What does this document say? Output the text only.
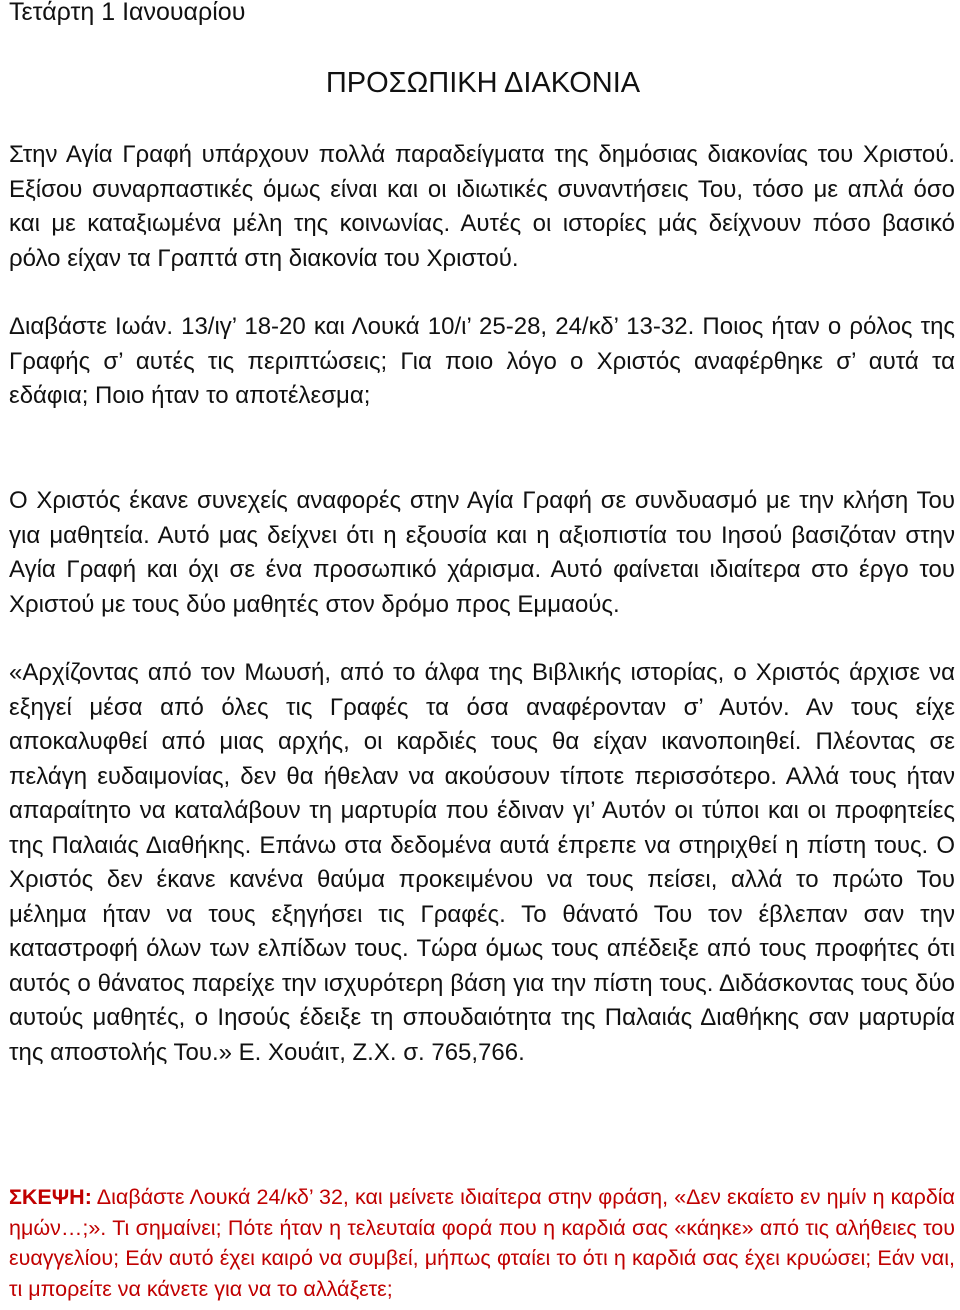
Τετάρτη 1 Ιανουαρίου
ΠΡΟΣΩΠΙΚΗ ΔΙΑΚΟΝΙΑ

Στην Αγία Γραφή υπάρχουν πολλά παραδείγματα της δημόσιας διακονίας του Χριστού. Εξίσου συναρπαστικές όμως είναι και οι ιδιωτικές συναντήσεις Του, τόσο με απλά όσο και με καταξιωμένα μέλη της κοινωνίας. Αυτές οι ιστορίες μάς δείχνουν πόσο βασικό ρόλο είχαν τα Γραπτά στη διακονία του Χριστού.

Διαβάστε Ιωάν. 13/ιγ’ 18-20 και Λουκά 10/ι’ 25-28, 24/κδ’ 13-32. Ποιος ήταν ο ρόλος της Γραφής σ’ αυτές τις περιπτώσεις; Για ποιο λόγο ο Χριστός αναφέρθηκε σ’ αυτά τα εδάφια; Ποιο ήταν το αποτέλεσμα;

Ο Χριστός έκανε συνεχείς αναφορές στην Αγία Γραφή σε συνδυασμό με την κλήση Του για μαθητεία. Αυτό μας δείχνει ότι η εξουσία και η αξιοπιστία του Ιησού βασιζόταν στην Αγία Γραφή και όχι σε ένα προσωπικό χάρισμα. Αυτό φαίνεται ιδιαίτερα στο έργο του Χριστού με τους δύο μαθητές στον δρόμο προς Εμμαούς.

«Αρχίζοντας από τον Μωυσή, από το άλφα της Βιβλικής ιστορίας, ο Χριστός άρχισε να εξηγεί μέσα από όλες τις Γραφές τα όσα αναφέρονταν σ’ Αυτόν. Αν τους είχε αποκαλυφθεί από μιας αρχής, οι καρδιές τους θα είχαν ικανοποιηθεί. Πλέοντας σε πελάγη ευδαιμονίας, δεν θα ήθελαν να ακούσουν τίποτε περισσότερο. Αλλά τους ήταν απαραίτητο να καταλάβουν τη μαρτυρία που έδιναν γι’ Αυτόν οι τύποι και οι προφητείες της Παλαιάς Διαθήκης. Επάνω στα δεδομένα αυτά έπρεπε να στηριχθεί η πίστη τους. Ο Χριστός δεν έκανε κανένα θαύμα προκειμένου να τους πείσει, αλλά το πρώτο Του μέλημα ήταν να τους εξηγήσει τις Γραφές. Το θάνατό Του τον έβλεπαν σαν την καταστροφή όλων των ελπίδων τους. Τώρα όμως τους απέδειξε από τους προφήτες ότι αυτός ο θάνατος παρείχε την ισχυρότερη βάση για την πίστη τους. Διδάσκοντας τους δύο αυτούς μαθητές, ο Ιησούς έδειξε τη σπουδαιότητα της Παλαιάς Διαθήκης σαν μαρτυρία της αποστολής Του.» Ε. Χουάιτ, Ζ.Χ. σ. 765,766.

ΣΚΕΨΗ: Διαβάστε Λουκά 24/κδ’ 32, και μείνετε ιδιαίτερα στην φράση, «Δεν εκαίετο εν ημίν η καρδία ημών…;». Τι σημαίνει; Πότε ήταν η τελευταία φορά που η καρδιά σας «κάηκε» από τις αλήθειες του ευαγγελίου; Εάν αυτό έχει καιρό να συμβεί, μήπως φταίει το ότι η καρδιά σας έχει κρυώσει; Εάν ναι, τι μπορείτε να κάνετε για να το αλλάξετε;
